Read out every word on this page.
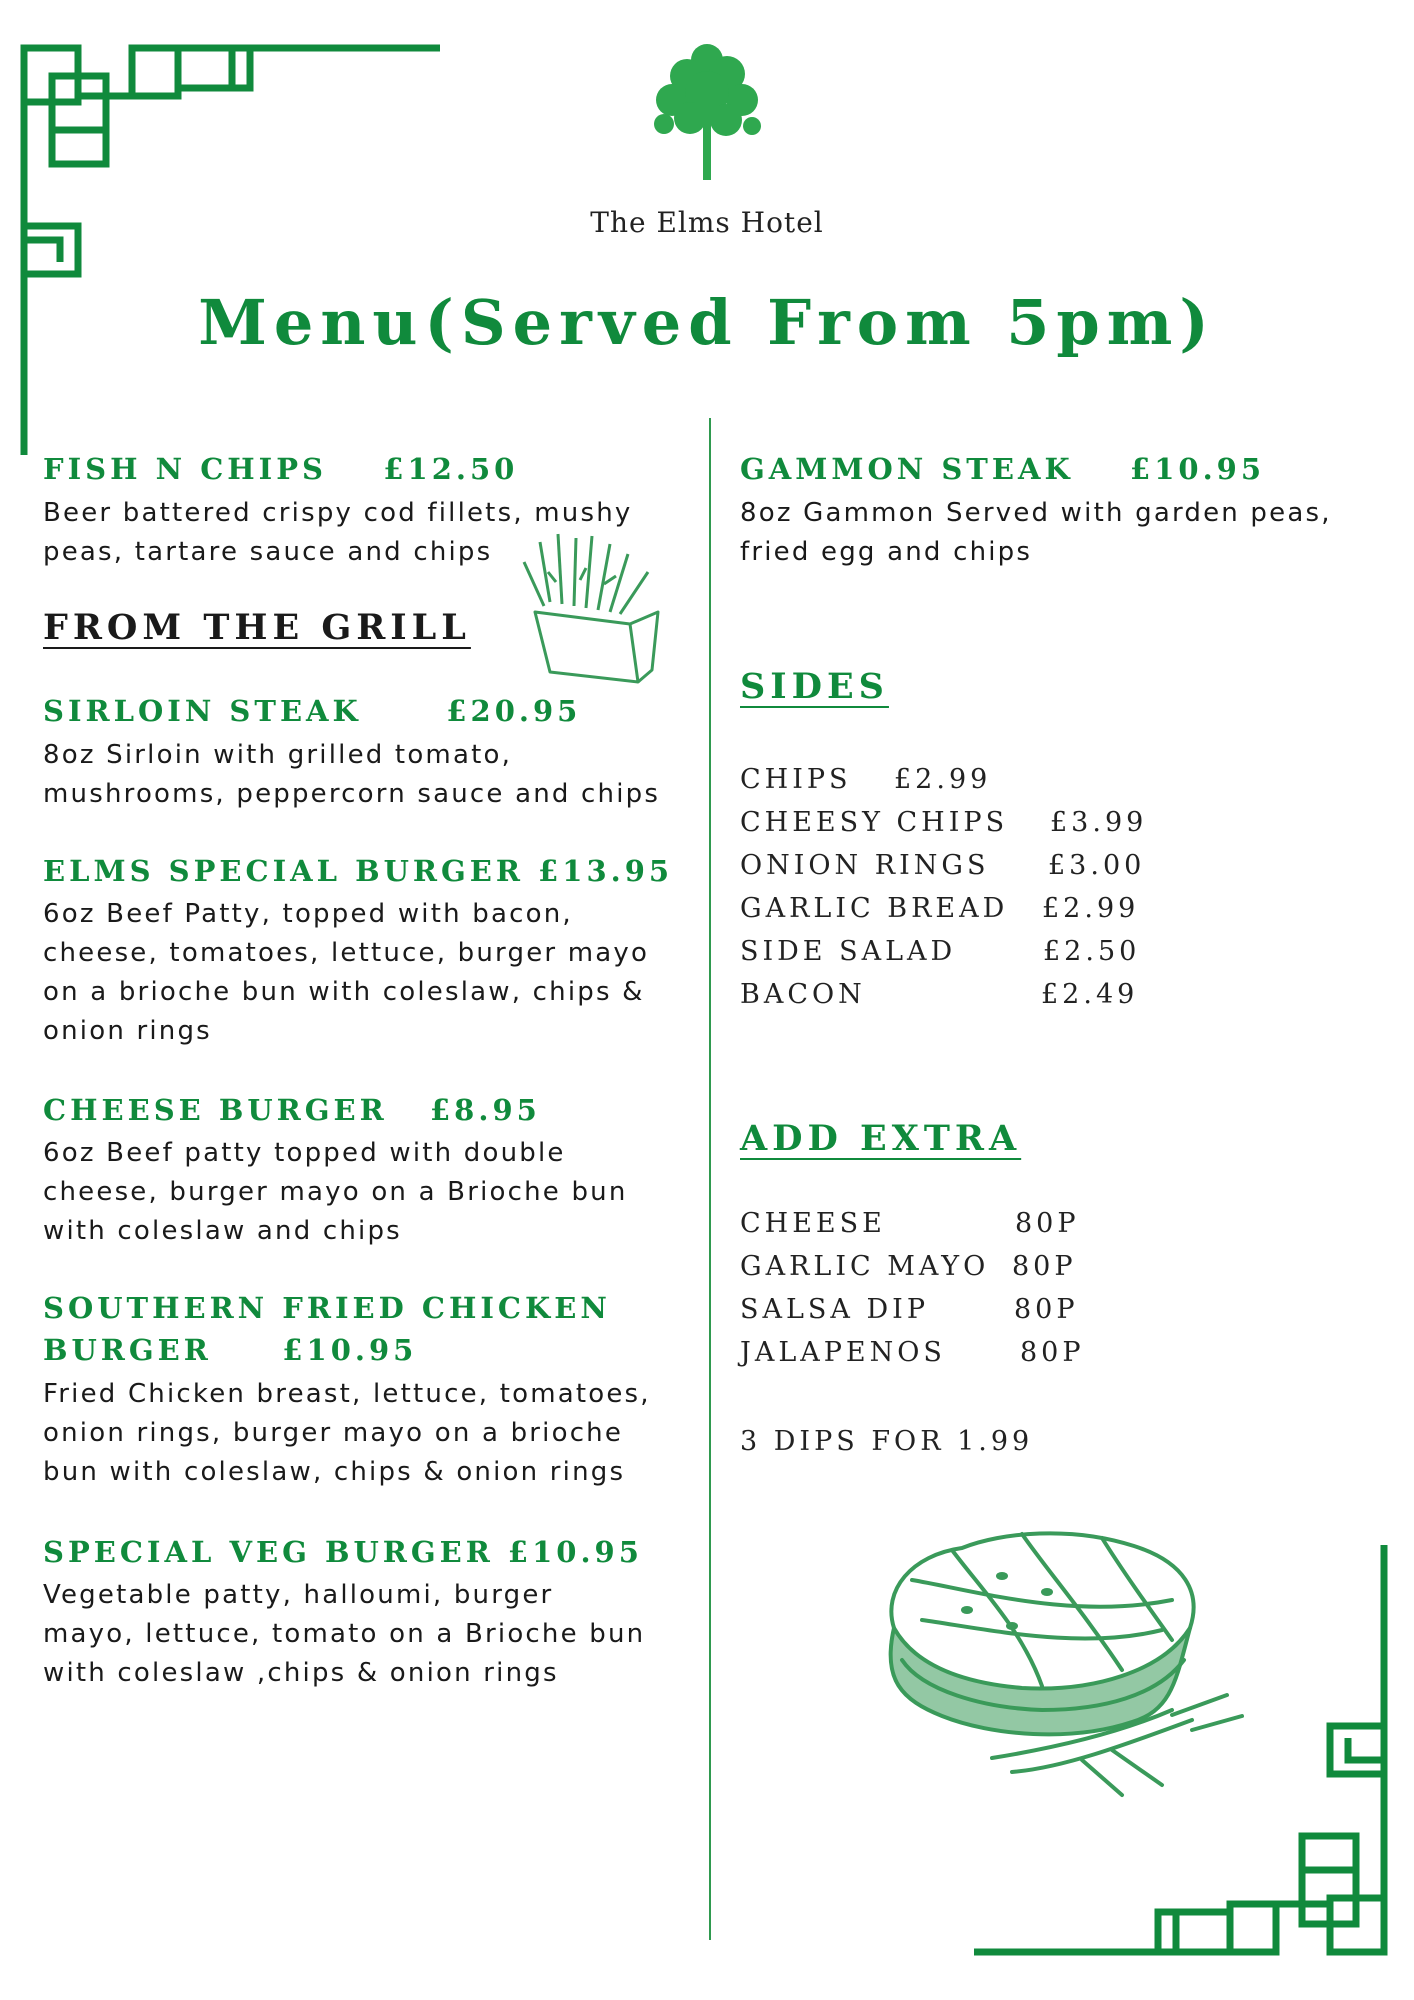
The Elms Hotel
Menu(Served From 5pm)
FISH N CHIPS    £12.50
Beer battered crispy cod fillets, mushy
peas, tartare sauce and chips
FROM THE GRILL
SIRLOIN STEAK      £20.95
8oz Sirloin with grilled tomato,
mushrooms, peppercorn sauce and chips
ELMS SPECIAL BURGER £13.95
6oz Beef Patty, topped with bacon,
cheese, tomatoes, lettuce, burger mayo
on a brioche bun with coleslaw, chips &
onion rings
CHEESE BURGER   £8.95
6oz Beef patty topped with double
cheese, burger mayo on a Brioche bun
with coleslaw and chips
SOUTHERN FRIED CHICKEN
BURGER     £10.95
Fried Chicken breast, lettuce, tomatoes,
onion rings, burger mayo on a brioche
bun with coleslaw, chips & onion rings
SPECIAL VEG BURGER £10.95
Vegetable patty, halloumi, burger
mayo, lettuce, tomato on a Brioche bun
with coleslaw ,chips & onion rings
GAMMON STEAK    £10.95
8oz Gammon Served with garden peas,
fried egg and chips
SIDES
CHIPS £2.99
CHEESY CHIPS £3.99
ONION RINGS £3.00
GARLIC BREAD £2.99
SIDE SALAD	£2.50
BACON	£2.49
ADD EXTRA
CHEESE	80P
GARLIC MAYO 80P
SALSA DIP	80P
JALAPENOS	80P
3 DIPS FOR 1.99
